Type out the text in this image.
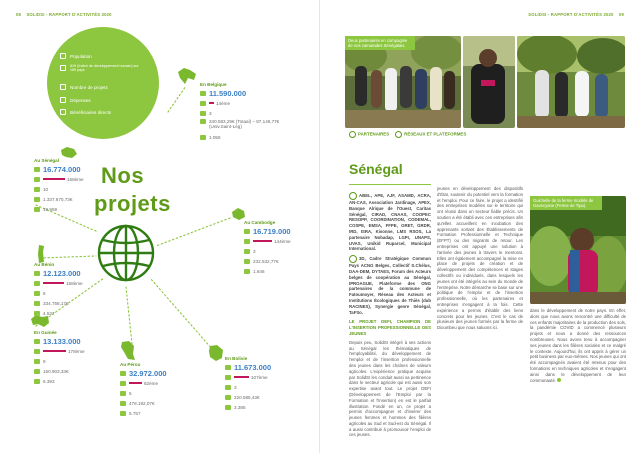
08 SOLIDSI - RAPPORT D'ACTIVITÉS 2020
Population
IDH (Indice de développement humain) sur 189 pays
Nombre de projets
Dépenses
Bénéficiaires directs
Nos
projets
En Belgique
11.590.000
14ème
3
340.583,29€ (Totaal) – 87.146,77€ (Univ.Saint-Lèg)
1.056
Au Sénégal
16.774.000
168ème
10
1.337.670,73€
19.959
Au Cambodge
16.719.000
144ème
3
232.532,77€
1.646
Au Bénin
12.123.000
158ème
6
334.758,17€
4.527
En Guinée
13.133.000
178ème
9
150.903,33€
6.393
Au Pérou
32.972.000
82ème
5
478.192,07€
5.757
En Bolivie
11.673.000
107ème
3
220.585,43€
3.385
SOLIDSI - RAPPORT D'ACTIVITÉS 2020 09
Deux partenaires en compagnie de nos camarades Sénégalais.
PARTENAIRES	RÉSEAUX ET PLATEFORMES
Sénégal
ABEL, APE, AJF, ASAMD, ACRA, AN-CAS, Association Jardinage, APEX, Banque Alrique de l'Ouest, Caritas Sénégal, CIRAD, CNAAS, COOPEC RESOPP, COORDINATION, CODEMAL, COSPE, EMSA, FFPE, GRET, GRDR, IRD, ISRA, Kisonne, LMS RSOS, La partenaire Nobadap, LGPI, UNAPS, UVAS, Unikid Ruparcel, Municipal International.
3D, Cadre Stratégique Commun Pays ACNG Belges, Collectif S.Chélus, DAA-DEM, DYTAES, Forum des Acteurs belges de coopération au Sénégal, IPROAGUE, Plateforme des ONG partenaires de la commune de Fatoumoyer, Réseau des Acteurs et Institutions Écologiques de Thiès (dub RACINES), Synergie genre Sénégal, TaFSo.
LE PROJET DEFI, CHAMPION DE L'INSERTION PROFESSIONNELLE DES JEUNES
Depuis peu, SolidSI intégré à ses actions au Sénégal les thématiques de l'employabilité, du développement de l'emploi et de l'insertion professionnelle des jeunes dans les chaînes de valeurs agricoles. L'expérience pratique acquise par SolidSI les conduit aussi sa pertinence dans le secteur agricole qui est aussi son expertise avant tout. Le projet DEFI (Développement de l'Emploi par la Formation et l'Insertion) en est le parfait illustration. Fondé en un, ce projet a permis d'accompagner et d'insérer des jeunes femmes et hommes des filières agricoles au Sud et Sud-est du Sénégal. Il a aussi contribué à promouvoir l'emploi de ces jeunes.
jeunes en développement des dispositifs d'État, soutenir du potentiel vers la formation et l'emploi. Pour ce faire, le projet a identifié des entreprises modèles sur le territoire qui ont réussi dans un secteur fiable précis. Un soutien a été établi avec ces entreprises afin qu'elles accueillent en incubation des apprenants sortant des Établissements de Formation Professionnelle et Technique (EFPT) ou des migrants de retour. Les entreprises ont appuyé une solution à l'arrivée des jeunes à travers le mentorat. Elles ont également accompagné la mise en place de projets de création et de développement des compétences et stages collectifs ou individuels, dans lesquels les jeunes ont été intégrés au sein du monde de l'entreprise. Notre démarche se base sur une politique de l'emploi et de l'insertion professionnelle, où les partenaires et entreprises s'engagent à la fois. Cette expérience a permis d'établir des liens concrets pour les jeunes. C'est le cas de plusieurs des jeunes formés par la ferme de Dioumbeu que nous saluons ici.
Guichelle de la ferme modèle de Gavecyane (Ferme de Tipa).
dans le développement de notre pays. En effet, alors que nous avons rencontré une difficulté de ces enfants majoritaires de la production des sols, la pandémie COVID a commencé plusieurs projets et nous a donné des ressources nombreuses. Nous avons tenu à accompagner ses jeunes dans les filières sociales et ce malgré le contexte. Aujourd'hui, ils ont appris à gérer un petit business par eux-mêmes. Nos jeunes qui ont été accompagnés avaient été retenus pour des formations en techniques agricoles et s'engagent ainsi dans le développement de leur communauté.
